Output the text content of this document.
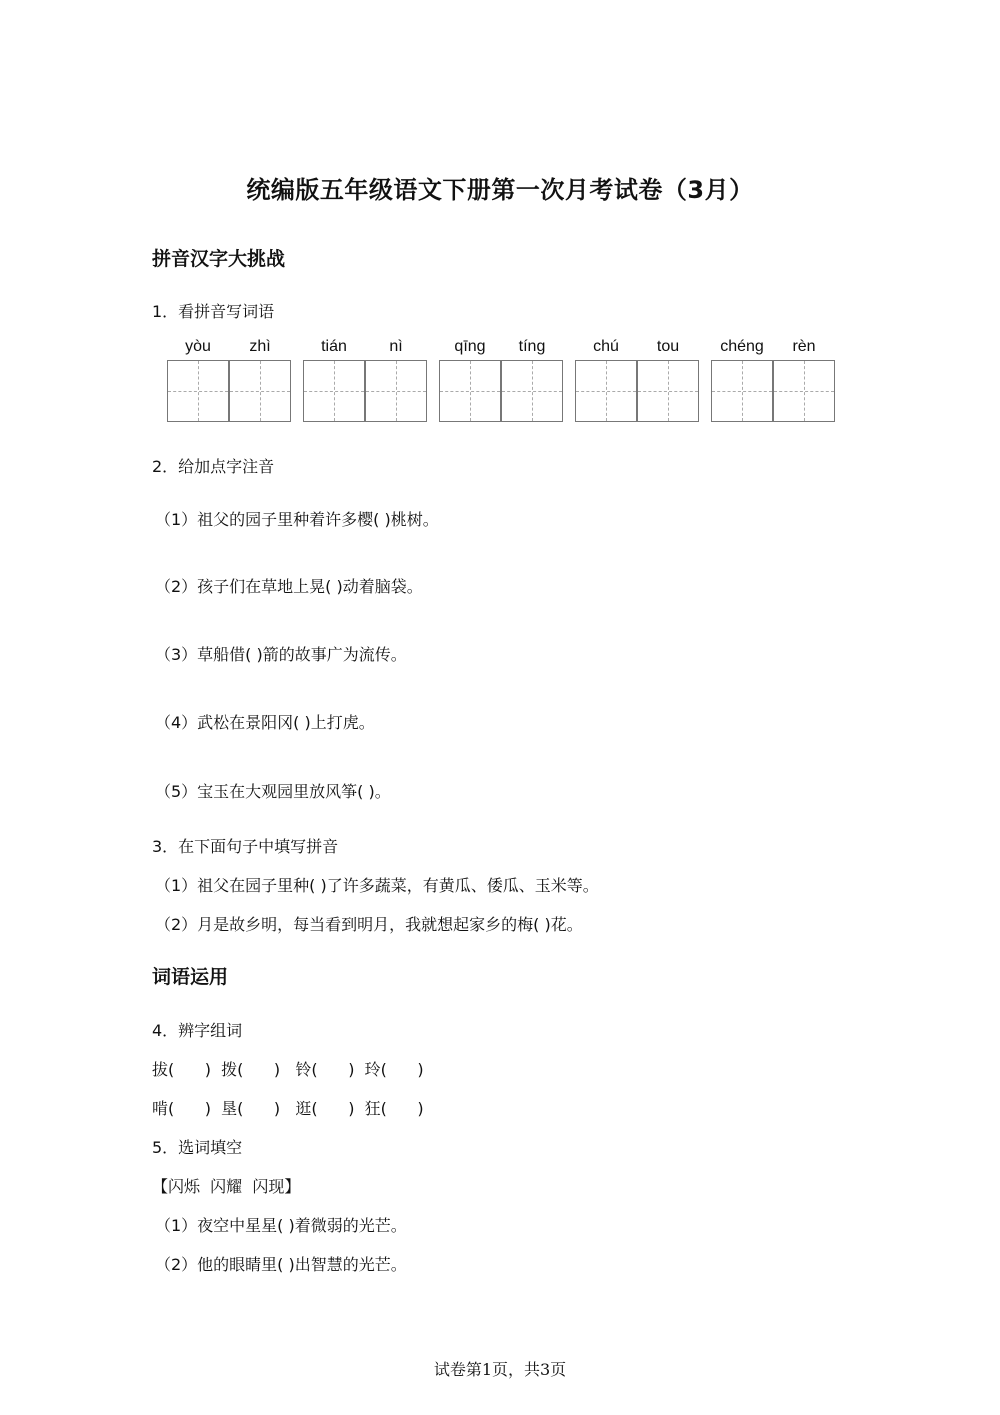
统编版五年级语文下册第一次月考试卷（3月）
拼音汉字大挑战
1．看拼音写词语
yòu	zhì	tián	nì	qīng	tíng	chú	tou	chéng	rèn
2．给加点字注音
（1）祖父的园子里种着许多樱( )桃树。
（2）孩子们在草地上晃( )动着脑袋。
（3）草船借( )箭的故事广为流传。
（4）武松在景阳冈( )上打虎。
（5）宝玉在大观园里放风筝( )。
3．在下面句子中填写拼音
（1）祖父在园子里种( )了许多蔬菜，有黄瓜、倭瓜、玉米等。
（2）月是故乡明，每当看到明月，我就想起家乡的梅( )花。
词语运用
4．辨字组词
拔(      )  拨(      )   铃(      )  玲(      )
啃(      )  垦(      )   逛(      )  狂(      )
5．选词填空
【闪烁  闪耀  闪现】
（1）夜空中星星( )着微弱的光芒。
（2）他的眼睛里( )出智慧的光芒。
试卷第1页，共3页
